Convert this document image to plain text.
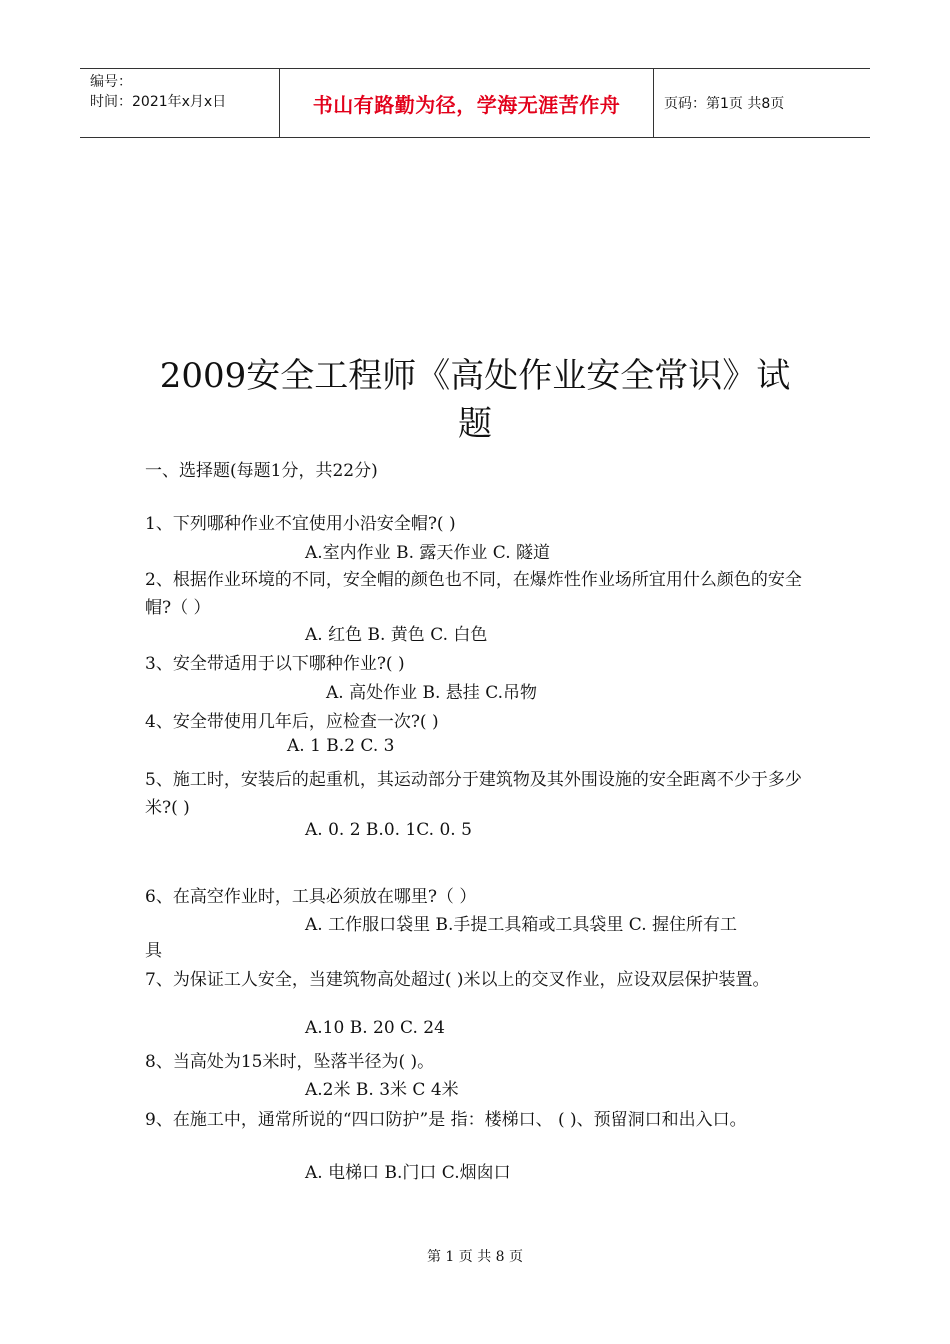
编号：
时间：2021年x月x日	书山有路勤为径，学海无涯苦作舟	页码：第1页 共8页
2009安全工程师《高处作业安全常识》试
题
一、选择题(每题1分，共22分)
1、下列哪种作业不宜使用小沿安全帽?( )
A.室内作业 B. 露天作业 C. 隧道
2、根据作业环境的不同，安全帽的颜色也不同，在爆炸性作业场所宜用什么颜色的安全帽?（ ）
A. 红色 B. 黄色 C. 白色
3、安全带适用于以下哪种作业?( )
A. 高处作业 B. 悬挂 C.吊物
4、安全带使用几年后，应检查一次?( )
A. 1 B.2 C. 3
5、施工时，安装后的起重机，其运动部分于建筑物及其外围设施的安全距离不少于多少米?( )
A. 0. 2 B.0. 1C. 0. 5
6、在高空作业时，工具必须放在哪里?（ ）
A. 工作服口袋里 B.手提工具箱或工具袋里 C. 握住所有工
具
7、为保证工人安全，当建筑物高处超过( )米以上的交叉作业，应设双层保护装置。
A.10 B. 20 C. 24
8、当高处为15米时，坠落半径为( )。
A.2米 B. 3米 C 4米
9、在施工中，通常所说的“四口防护”是 指：楼梯口、 ( )、预留洞口和出入口。
A. 电梯口 B.门口 C.烟囱口
第 1 页 共 8 页
